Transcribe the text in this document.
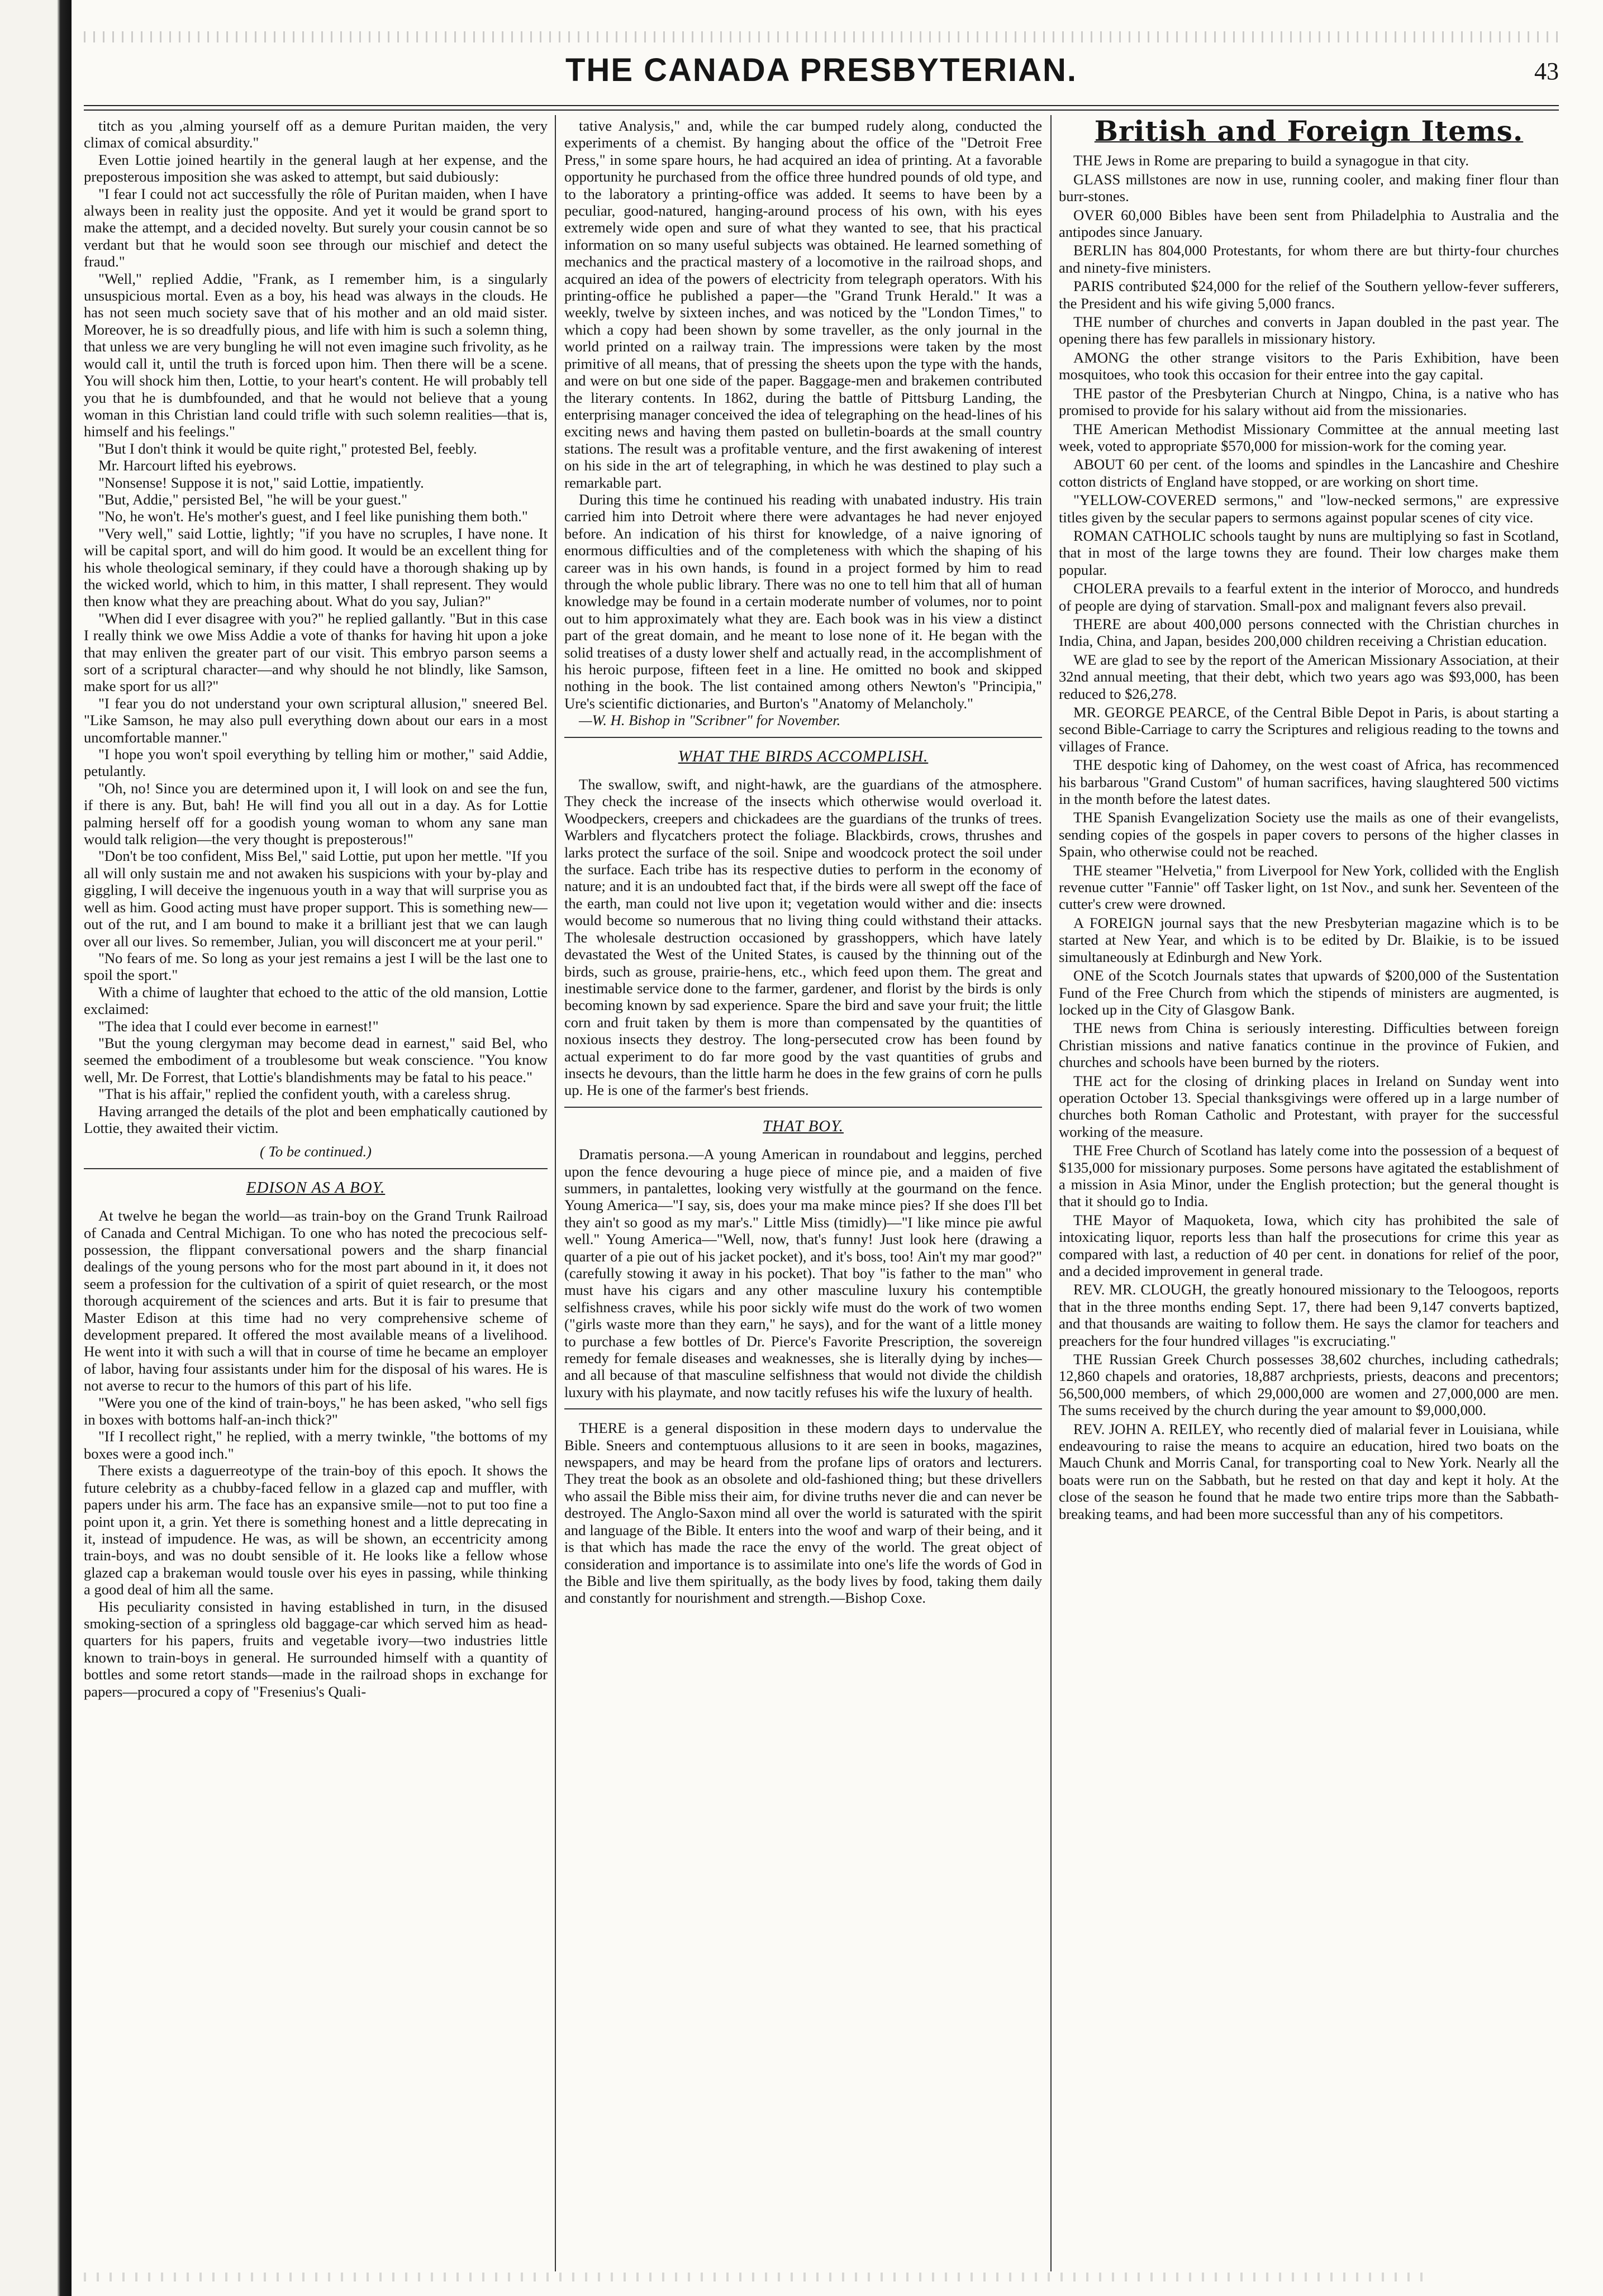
THE CANADA PRESBYTERIAN.	43

titch as you ,alming yourself off as a demure Puritan maiden, the very climax of comical absurdity."

Even Lottie joined heartily in the general laugh at her expense, and the preposterous imposition she was asked to attempt, but said dubiously:

"I fear I could not act successfully the rôle of Puritan maiden, when I have always been in reality just the opposite. And yet it would be grand sport to make the attempt, and a decided novelty. But surely your cousin cannot be so verdant but that he would soon see through our mischief and detect the fraud."

"Well," replied Addie, "Frank, as I remember him, is a singularly unsuspicious mortal. Even as a boy, his head was always in the clouds. He has not seen much society save that of his mother and an old maid sister. Moreover, he is so dreadfully pious, and life with him is such a solemn thing, that unless we are very bungling he will not even imagine such frivolity, as he would call it, until the truth is forced upon him. Then there will be a scene. You will shock him then, Lottie, to your heart's content. He will probably tell you that he is dumbfounded, and that he would not believe that a young woman in this Christian land could trifle with such solemn realities—that is, himself and his feelings."

"But I don't think it would be quite right," protested Bel, feebly.

Mr. Harcourt lifted his eyebrows.

"Nonsense! Suppose it is not," said Lottie, impatiently.

"But, Addie," persisted Bel, "he will be your guest."

"No, he won't. He's mother's guest, and I feel like punishing them both."

"Very well," said Lottie, lightly; "if you have no scruples, I have none. It will be capital sport, and will do him good. It would be an excellent thing for his whole theological seminary, if they could have a thorough shaking up by the wicked world, which to him, in this matter, I shall represent. They would then know what they are preaching about. What do you say, Julian?"

"When did I ever disagree with you?" he replied gallantly. "But in this case I really think we owe Miss Addie a vote of thanks for having hit upon a joke that may enliven the greater part of our visit. This embryo parson seems a sort of a scriptural character—and why should he not blindly, like Samson, make sport for us all?"

"I fear you do not understand your own scriptural allusion," sneered Bel. "Like Samson, he may also pull everything down about our ears in a most uncomfortable manner."

"I hope you won't spoil everything by telling him or mother," said Addie, petulantly.

"Oh, no! Since you are determined upon it, I will look on and see the fun, if there is any. But, bah! He will find you all out in a day. As for Lottie palming herself off for a goodish young woman to whom any sane man would talk religion—the very thought is preposterous!"

"Don't be too confident, Miss Bel," said Lottie, put upon her mettle. "If you all will only sustain me and not awaken his suspicions with your by-play and giggling, I will deceive the ingenuous youth in a way that will surprise you as well as him. Good acting must have proper support. This is something new—out of the rut, and I am bound to make it a brilliant jest that we can laugh over all our lives. So remember, Julian, you will disconcert me at your peril."

"No fears of me. So long as your jest remains a jest I will be the last one to spoil the sport."

With a chime of laughter that echoed to the attic of the old mansion, Lottie exclaimed:

"The idea that I could ever become in earnest!"

"But the young clergyman may become dead in earnest," said Bel, who seemed the embodiment of a troublesome but weak conscience. "You know well, Mr. De Forrest, that Lottie's blandishments may be fatal to his peace."

"That is his affair," replied the confident youth, with a careless shrug.

Having arranged the details of the plot and been emphatically cautioned by Lottie, they awaited their victim.

( To be continued.)
EDISON AS A BOY.

At twelve he began the world—as train-boy on the Grand Trunk Railroad of Canada and Central Michigan. To one who has noted the precocious self-possession, the flippant conversational powers and the sharp financial dealings of the young persons who for the most part abound in it, it does not seem a profession for the cultivation of a spirit of quiet research, or the most thorough acquirement of the sciences and arts. But it is fair to presume that Master Edison at this time had no very comprehensive scheme of development prepared. It offered the most available means of a livelihood. He went into it with such a will that in course of time he became an employer of labor, having four assistants under him for the disposal of his wares. He is not averse to recur to the humors of this part of his life.

"Were you one of the kind of train-boys," he has been asked, "who sell figs in boxes with bottoms half-an-inch thick?"

"If I recollect right," he replied, with a merry twinkle, "the bottoms of my boxes were a good inch."

There exists a daguerreotype of the train-boy of this epoch. It shows the future celebrity as a chubby-faced fellow in a glazed cap and muffler, with papers under his arm. The face has an expansive smile—not to put too fine a point upon it, a grin. Yet there is something honest and a little deprecating in it, instead of impudence. He was, as will be shown, an eccentricity among train-boys, and was no doubt sensible of it. He looks like a fellow whose glazed cap a brakeman would tousle over his eyes in passing, while thinking a good deal of him all the same.

His peculiarity consisted in having established in turn, in the disused smoking-section of a springless old baggage-car which served him as head-quarters for his papers, fruits and vegetable ivory—two industries little known to train-boys in general. He surrounded himself with a quantity of bottles and some retort stands—made in the railroad shops in exchange for papers—procured a copy of "Fresenius's Quali-

tative Analysis," and, while the car bumped rudely along, conducted the experiments of a chemist. By hanging about the office of the "Detroit Free Press," in some spare hours, he had acquired an idea of printing. At a favorable opportunity he purchased from the office three hundred pounds of old type, and to the laboratory a printing-office was added. It seems to have been by a peculiar, good-natured, hanging-around process of his own, with his eyes extremely wide open and sure of what they wanted to see, that his practical information on so many useful subjects was obtained. He learned something of mechanics and the practical mastery of a locomotive in the railroad shops, and acquired an idea of the powers of electricity from telegraph operators. With his printing-office he published a paper—the "Grand Trunk Herald." It was a weekly, twelve by sixteen inches, and was noticed by the "London Times," to which a copy had been shown by some traveller, as the only journal in the world printed on a railway train. The impressions were taken by the most primitive of all means, that of pressing the sheets upon the type with the hands, and were on but one side of the paper. Baggage-men and brakemen contributed the literary contents. In 1862, during the battle of Pittsburg Landing, the enterprising manager conceived the idea of telegraphing on the head-lines of his exciting news and having them pasted on bulletin-boards at the small country stations. The result was a profitable venture, and the first awakening of interest on his side in the art of telegraphing, in which he was destined to play such a remarkable part.

During this time he continued his reading with unabated industry. His train carried him into Detroit where there were advantages he had never enjoyed before. An indication of his thirst for knowledge, of a naive ignoring of enormous difficulties and of the completeness with which the shaping of his career was in his own hands, is found in a project formed by him to read through the whole public library. There was no one to tell him that all of human knowledge may be found in a certain moderate number of volumes, nor to point out to him approximately what they are. Each book was in his view a distinct part of the great domain, and he meant to lose none of it. He began with the solid treatises of a dusty lower shelf and actually read, in the accomplishment of his heroic purpose, fifteen feet in a line. He omitted no book and skipped nothing in the book. The list contained among others Newton's "Principia," Ure's scientific dictionaries, and Burton's "Anatomy of Melancholy."

—W. H. Bishop in "Scribner" for November.

WHAT THE BIRDS ACCOMPLISH.

The swallow, swift, and night-hawk, are the guardians of the atmosphere. They check the increase of the insects which otherwise would overload it. Woodpeckers, creepers and chickadees are the guardians of the trunks of trees. Warblers and flycatchers protect the foliage. Blackbirds, crows, thrushes and larks protect the surface of the soil. Snipe and woodcock protect the soil under the surface. Each tribe has its respective duties to perform in the economy of nature; and it is an undoubted fact that, if the birds were all swept off the face of the earth, man could not live upon it; vegetation would wither and die: insects would become so numerous that no living thing could withstand their attacks. The wholesale destruction occasioned by grasshoppers, which have lately devastated the West of the United States, is caused by the thinning out of the birds, such as grouse, prairie-hens, etc., which feed upon them. The great and inestimable service done to the farmer, gardener, and florist by the birds is only becoming known by sad experience. Spare the bird and save your fruit; the little corn and fruit taken by them is more than compensated by the quantities of noxious insects they destroy. The long-persecuted crow has been found by actual experiment to do far more good by the vast quantities of grubs and insects he devours, than the little harm he does in the few grains of corn he pulls up. He is one of the farmer's best friends.

THAT BOY.

Dramatis persona.—A young American in roundabout and leggins, perched upon the fence devouring a huge piece of mince pie, and a maiden of five summers, in pantalettes, looking very wistfully at the gourmand on the fence. Young America—"I say, sis, does your ma make mince pies? If she does I'll bet they ain't so good as my mar's." Little Miss (timidly)—"I like mince pie awful well." Young America—"Well, now, that's funny! Just look here (drawing a quarter of a pie out of his jacket pocket), and it's boss, too! Ain't my mar good?" (carefully stowing it away in his pocket). That boy "is father to the man" who must have his cigars and any other masculine luxury his contemptible selfishness craves, while his poor sickly wife must do the work of two women ("girls waste more than they earn," he says), and for the want of a little money to purchase a few bottles of Dr. Pierce's Favorite Prescription, the sovereign remedy for female diseases and weaknesses, she is literally dying by inches—and all because of that masculine selfishness that would not divide the childish luxury with his playmate, and now tacitly refuses his wife the luxury of health.

THERE is a general disposition in these modern days to undervalue the Bible. Sneers and contemptuous allusions to it are seen in books, magazines, newspapers, and may be heard from the profane lips of orators and lecturers. They treat the book as an obsolete and old-fashioned thing; but these drivellers who assail the Bible miss their aim, for divine truths never die and can never be destroyed. The Anglo-Saxon mind all over the world is saturated with the spirit and language of the Bible. It enters into the woof and warp of their being, and it is that which has made the race the envy of the world. The great object of consideration and importance is to assimilate into one's life the words of God in the Bible and live them spiritually, as the body lives by food, taking them daily and constantly for nourishment and strength.—Bishop Coxe.

British and Foreign Items.

THE Jews in Rome are preparing to build a synagogue in that city.

GLASS millstones are now in use, running cooler, and making finer flour than burr-stones.

OVER 60,000 Bibles have been sent from Philadelphia to Australia and the antipodes since January.

BERLIN has 804,000 Protestants, for whom there are but thirty-four churches and ninety-five ministers.

PARIS contributed $24,000 for the relief of the Southern yellow-fever sufferers, the President and his wife giving 5,000 francs.

THE number of churches and converts in Japan doubled in the past year. The opening there has few parallels in missionary history.

AMONG the other strange visitors to the Paris Exhibition, have been mosquitoes, who took this occasion for their entree into the gay capital.

THE pastor of the Presbyterian Church at Ningpo, China, is a native who has promised to provide for his salary without aid from the missionaries.

THE American Methodist Missionary Committee at the annual meeting last week, voted to appropriate $570,000 for mission-work for the coming year.

ABOUT 60 per cent. of the looms and spindles in the Lancashire and Cheshire cotton districts of England have stopped, or are working on short time.

"YELLOW-COVERED sermons," and "low-necked sermons," are expressive titles given by the secular papers to sermons against popular scenes of city vice.

ROMAN CATHOLIC schools taught by nuns are multiplying so fast in Scotland, that in most of the large towns they are found. Their low charges make them popular.

CHOLERA prevails to a fearful extent in the interior of Morocco, and hundreds of people are dying of starvation. Small-pox and malignant fevers also prevail.

THERE are about 400,000 persons connected with the Christian churches in India, China, and Japan, besides 200,000 children receiving a Christian education.

WE are glad to see by the report of the American Missionary Association, at their 32nd annual meeting, that their debt, which two years ago was $93,000, has been reduced to $26,278.

MR. GEORGE PEARCE, of the Central Bible Depot in Paris, is about starting a second Bible-Carriage to carry the Scriptures and religious reading to the towns and villages of France.

THE despotic king of Dahomey, on the west coast of Africa, has recommenced his barbarous "Grand Custom" of human sacrifices, having slaughtered 500 victims in the month before the latest dates.

THE Spanish Evangelization Society use the mails as one of their evangelists, sending copies of the gospels in paper covers to persons of the higher classes in Spain, who otherwise could not be reached.

THE steamer "Helvetia," from Liverpool for New York, collided with the English revenue cutter "Fannie" off Tasker light, on 1st Nov., and sunk her. Seventeen of the cutter's crew were drowned.

A FOREIGN journal says that the new Presbyterian magazine which is to be started at New Year, and which is to be edited by Dr. Blaikie, is to be issued simultaneously at Edinburgh and New York.

ONE of the Scotch Journals states that upwards of $200,000 of the Sustentation Fund of the Free Church from which the stipends of ministers are augmented, is locked up in the City of Glasgow Bank.

THE news from China is seriously interesting. Difficulties between foreign Christian missions and native fanatics continue in the province of Fukien, and churches and schools have been burned by the rioters.

THE act for the closing of drinking places in Ireland on Sunday went into operation October 13. Special thanksgivings were offered up in a large number of churches both Roman Catholic and Protestant, with prayer for the successful working of the measure.

THE Free Church of Scotland has lately come into the possession of a bequest of $135,000 for missionary purposes. Some persons have agitated the establishment of a mission in Asia Minor, under the English protection; but the general thought is that it should go to India.

THE Mayor of Maquoketa, Iowa, which city has prohibited the sale of intoxicating liquor, reports less than half the prosecutions for crime this year as compared with last, a reduction of 40 per cent. in donations for relief of the poor, and a decided improvement in general trade.

REV. MR. CLOUGH, the greatly honoured missionary to the Teloogoos, reports that in the three months ending Sept. 17, there had been 9,147 converts baptized, and that thousands are waiting to follow them. He says the clamor for teachers and preachers for the four hundred villages "is excruciating."

THE Russian Greek Church possesses 38,602 churches, including cathedrals; 12,860 chapels and oratories, 18,887 archpriests, priests, deacons and precentors; 56,500,000 members, of which 29,000,000 are women and 27,000,000 are men. The sums received by the church during the year amount to $9,000,000.

REV. JOHN A. REILEY, who recently died of malarial fever in Louisiana, while endeavouring to raise the means to acquire an education, hired two boats on the Mauch Chunk and Morris Canal, for transporting coal to New York. Nearly all the boats were run on the Sabbath, but he rested on that day and kept it holy. At the close of the season he found that he made two entire trips more than the Sabbath-breaking teams, and had been more successful than any of his competitors.
